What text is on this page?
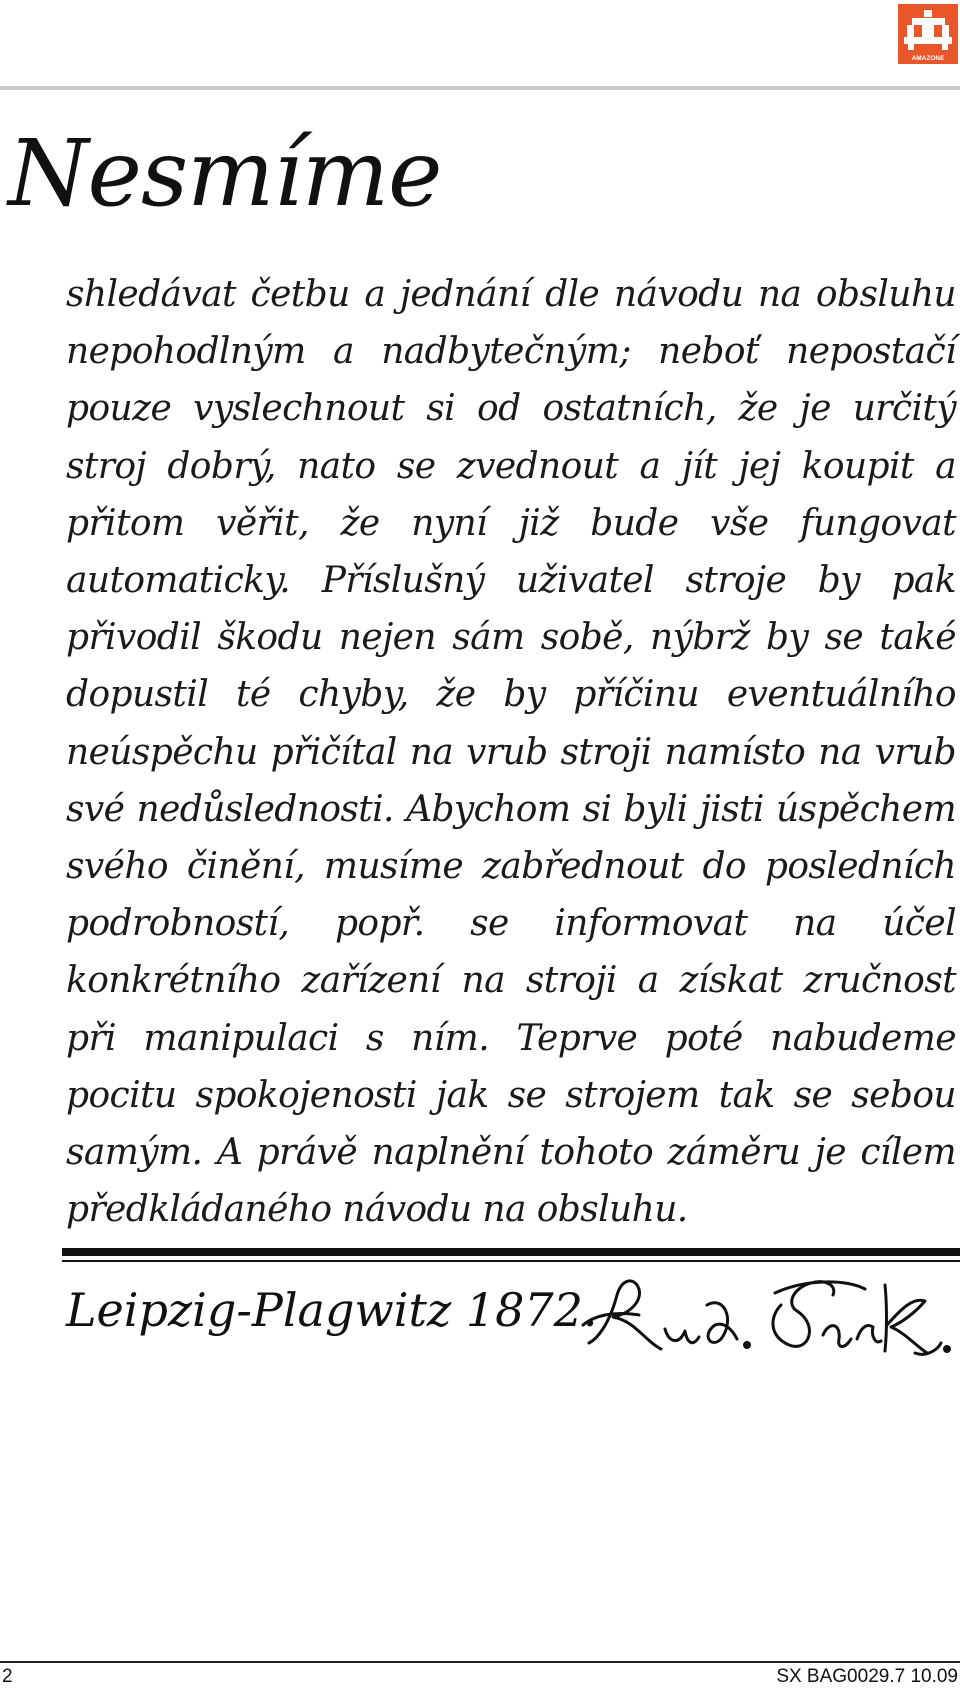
AMAZONE
Nesmíme

shledávat četbu a jednání dle návodu na obsluhu nepohodlným a nadbytečným; neboť nepostačí pouze vyslechnout si od ostatních, že je určitý stroj dobrý, nato se zvednout a jít jej koupit a přitom věřit, že nyní již bude vše fungovat automaticky. Příslušný uživatel stroje by pak přivodil škodu nejen sám sobě, nýbrž by se také dopustil té chyby, že by příčinu eventuálního neúspěchu přičítal na vrub stroji namísto na vrub své nedůslednosti. Abychom si byli jisti úspěchem svého činění, musíme zabřednout do posledních podrobností, popř. se informovat na účel konkrétního zařízení na stroji a získat zručnost při manipulaci s ním. Teprve poté nabudeme pocitu spokojenosti jak se strojem tak se sebou samým. A právě naplnění tohoto záměru je cílem předkládaného návodu na obsluhu.

Leipzig-Plagwitz 1872.

2	SX BAG0029.7 10.09
